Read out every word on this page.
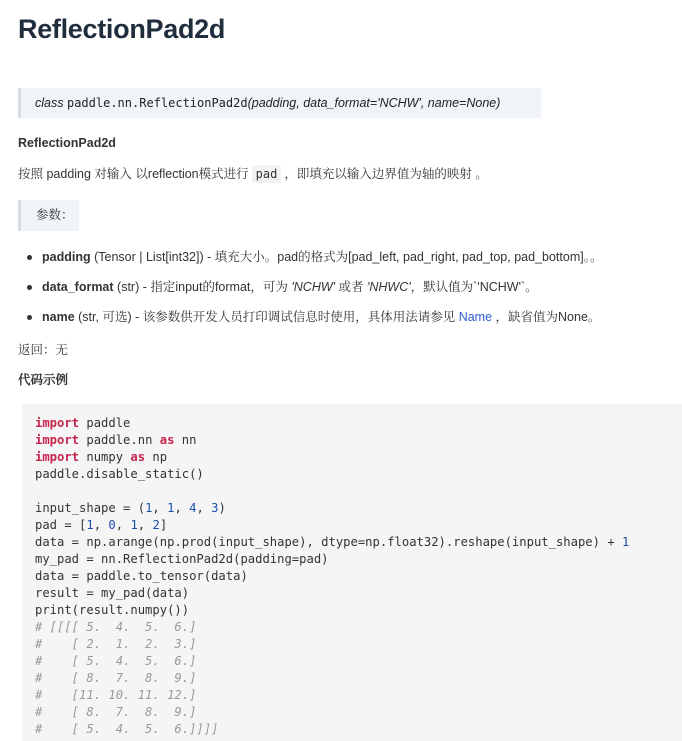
ReflectionPad2d
class paddle.nn.ReflectionPad2d(padding, data_format='NCHW', name=None)
ReflectionPad2d
按照 padding 对输入 以reflection模式进行 pad ，即填充以输入边界值为轴的映射 。
参数：
padding (Tensor | List[int32]) - 填充大小。pad的格式为[pad_left, pad_right, pad_top, pad_bottom]。。
data_format (str) - 指定input的format，可为 'NCHW' 或者 'NHWC'，默认值为`'NCHW'`。
name (str, 可选) - 该参数供开发人员打印调试信息时使用，具体用法请参见 Name ，缺省值为None。
返回：无
代码示例
import paddle
import paddle.nn as nn
import numpy as np
paddle.disable_static()
input_shape = (1, 1, 4, 3)
pad = [1, 0, 1, 2]
data = np.arange(np.prod(input_shape), dtype=np.float32).reshape(input_shape) + 1
my_pad = nn.ReflectionPad2d(padding=pad)
data = paddle.to_tensor(data)
result = my_pad(data)
print(result.numpy())
# [[[[ 5.  4.  5.  6.]
#    [ 2.  1.  2.  3.]
#    [ 5.  4.  5.  6.]
#    [ 8.  7.  8.  9.]
#    [11. 10. 11. 12.]
#    [ 8.  7.  8.  9.]
#    [ 5.  4.  5.  6.]]]]
